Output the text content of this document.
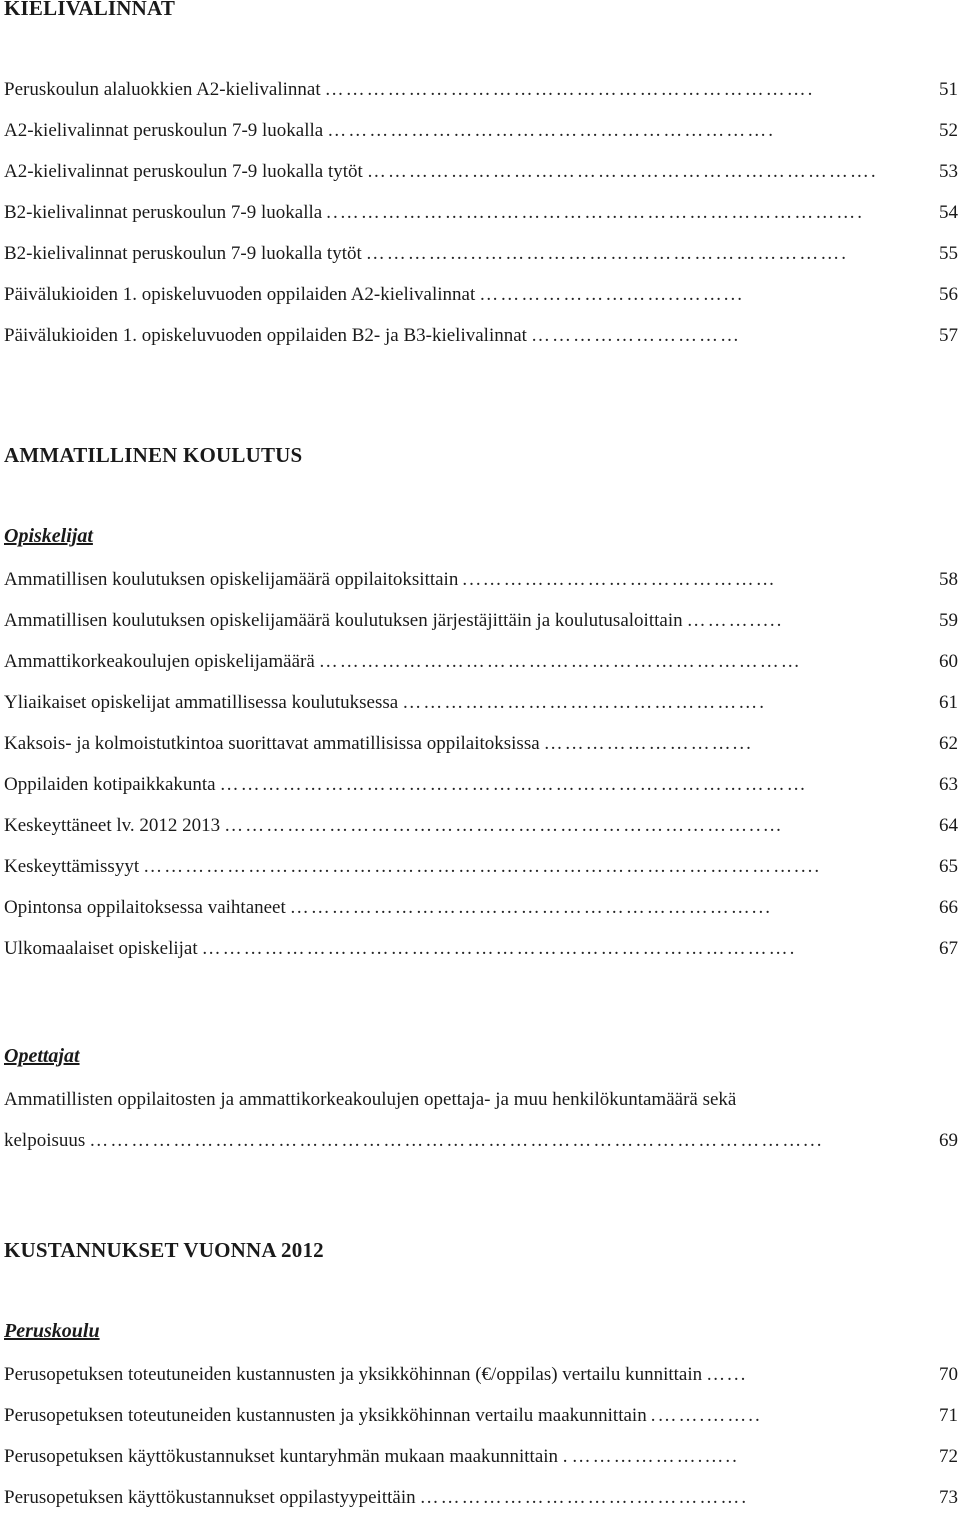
KIELIVALINNAT
Peruskoulun alaluokkien A2-kielivalinnat …………………………………………………………….	51
A2-kielivalinnat peruskoulun 7-9 luokalla ……………………………………………………….	52
A2-kielivalinnat peruskoulun 7-9 luokalla tytöt ……………………………………………………………….	53
B2-kielivalinnat peruskoulun 7-9 luokalla ..…………………..…………………………………………….	54
B2-kielivalinnat peruskoulun 7-9 luokalla tytöt ……………..…………………………………………….	55
Päivälukioiden 1. opiskeluvuoden oppilaiden A2-kielivalinnat ………………………..……...	56
Päivälukioiden 1. opiskeluvuoden oppilaiden B2- ja B3-kielivalinnat …………………………	57
AMMATILLINEN KOULUTUS
Opiskelijat
Ammatillisen koulutuksen opiskelijamäärä oppilaitoksittain ...……………………………………	58
Ammatillisen koulutuksen opiskelijamäärä koulutuksen järjestäjittäin ja koulutusaloittain ……….....	59
Ammattikorkeakoulujen opiskelijamäärä ……………………………………………………………	60
Yliaikaiset opiskelijat ammatillisessa koulutuksessa …………………………………………….	61
Kaksois- ja kolmoistutkintoa suorittavat ammatillisissa oppilaitoksissa ………………………...	62
Oppilaiden kotipaikkakunta …………………………………………………………………………	63
Keskeyttäneet lv. 2012 2013 …………………………………………………………………..…	64
Keskeyttämissyyt …………………………………………………………………………………....	65
Opintonsa oppilaitoksessa vaihtaneet …………………………………………………………...	66
Ulkomaalaiset opiskelijat ………………………………………………………………………….	67
Opettajat
Ammatillisten oppilaitosten ja ammattikorkeakoulujen opettaja- ja muu henkilökuntamäärä sekä
kelpoisuus …………………………………………………………………………………………...	69
KUSTANNUKSET VUONNA 2012
Peruskoulu
Perusopetuksen toteutuneiden kustannusten ja yksikköhinnan (€/oppilas) vertailu kunnittain …...	70
Perusopetuksen toteutuneiden kustannusten ja yksikköhinnan vertailu maakunnittain .…….……..	71
Perusopetuksen käyttökustannukset kuntaryhmän mukaan maakunnittain . ……………….…..	72
Perusopetuksen käyttökustannukset oppilastyypeittäin ………………………….…………….	73
